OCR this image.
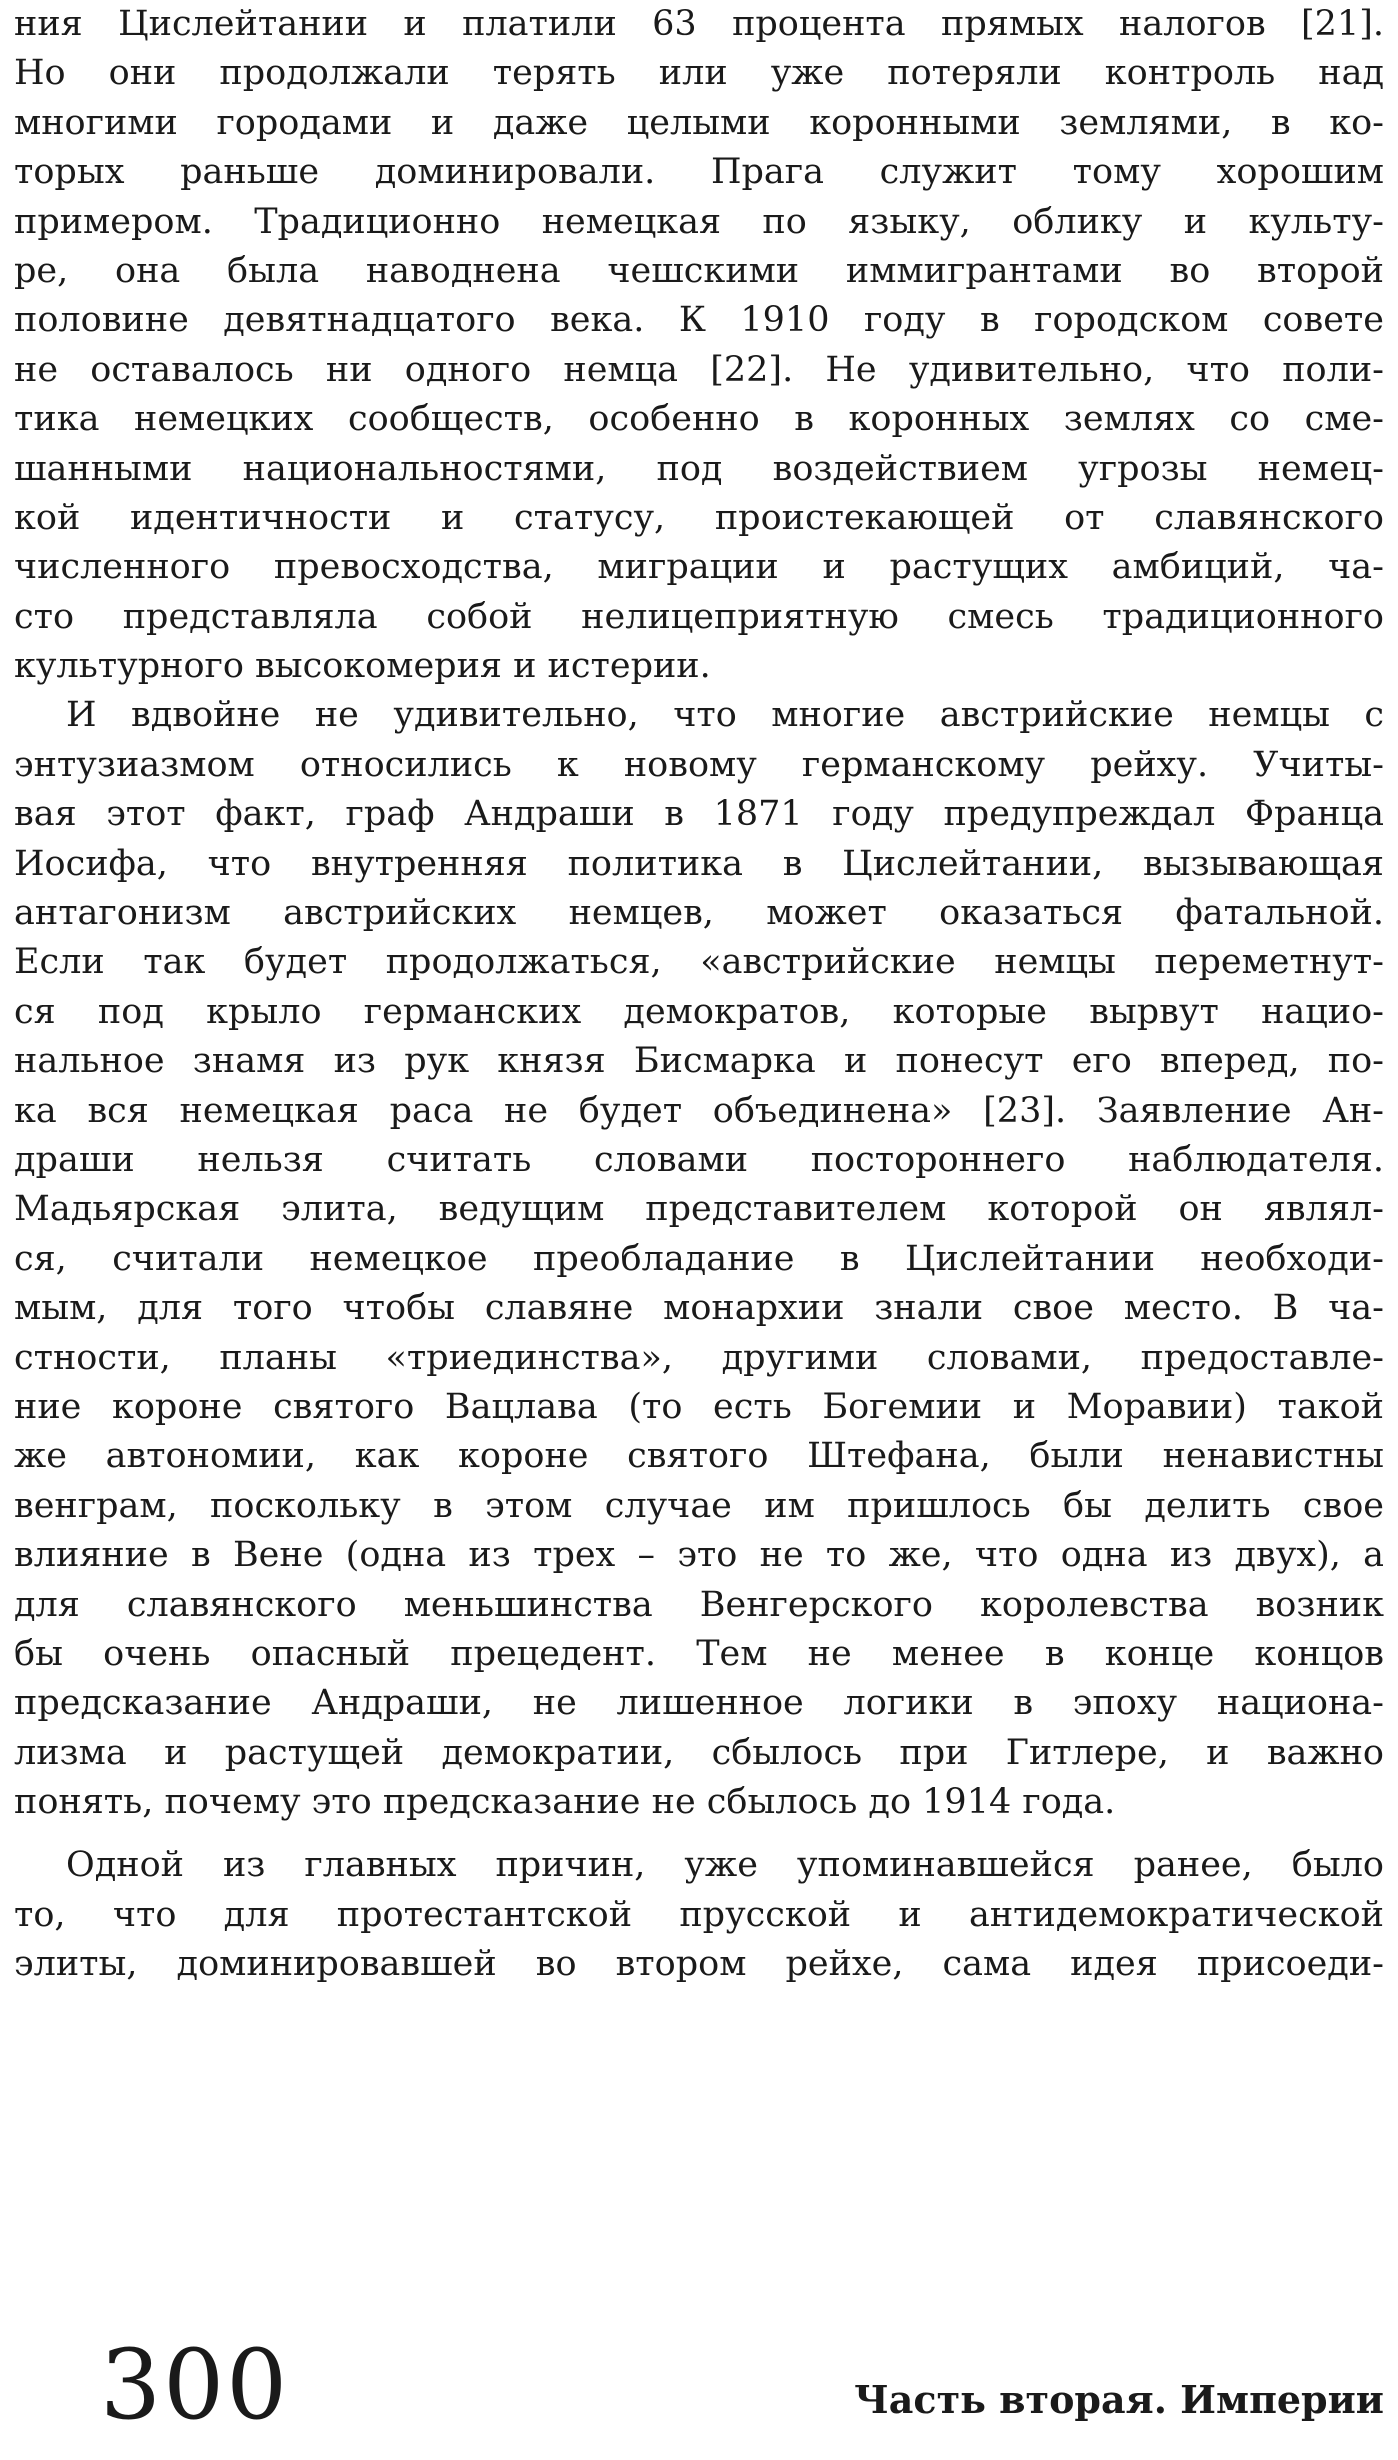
ния Цислейтании и платили 63 процента прямых налогов [21].
Но они продолжали терять или уже потеряли контроль над
многими городами и даже целыми коронными землями, в ко-
торых раньше доминировали. Прага служит тому хорошим
примером. Традиционно немецкая по языку, облику и культу-
ре, она была наводнена чешскими иммигрантами во второй
половине девятнадцатого века. К 1910 году в городском совете
не оставалось ни одного немца [22]. Не удивительно, что поли-
тика немецких сообществ, особенно в коронных землях со сме-
шанными национальностями, под воздействием угрозы немец-
кой идентичности и статусу, проистекающей от славянского
численного превосходства, миграции и растущих амбиций, ча-
сто представляла собой нелицеприятную смесь традиционного
культурного высокомерия и истерии.
И вдвойне не удивительно, что многие австрийские немцы с
энтузиазмом относились к новому германскому рейху. Учиты-
вая этот факт, граф Андраши в 1871 году предупреждал Франца
Иосифа, что внутренняя политика в Цислейтании, вызывающая
антагонизм австрийских немцев, может оказаться фатальной.
Если так будет продолжаться, «австрийские немцы переметнут-
ся под крыло германских демократов, которые вырвут нацио-
нальное знамя из рук князя Бисмарка и понесут его вперед, по-
ка вся немецкая раса не будет объединена» [23]. Заявление Ан-
драши нельзя считать словами постороннего наблюдателя.
Мадьярская элита, ведущим представителем которой он являл-
ся, считали немецкое преобладание в Цислейтании необходи-
мым, для того чтобы славяне монархии знали свое место. В ча-
стности, планы «триединства», другими словами, предоставле-
ние короне святого Вацлава (то есть Богемии и Моравии) такой
же автономии, как короне святого Штефана, были ненавистны
венграм, поскольку в этом случае им пришлось бы делить свое
влияние в Вене (одна из трех – это не то же, что одна из двух), а
для славянского меньшинства Венгерского королевства возник
бы очень опасный прецедент. Тем не менее в конце концов
предсказание Андраши, не лишенное логики в эпоху национа-
лизма и растущей демократии, сбылось при Гитлере, и важно
понять, почему это предсказание не сбылось до 1914 года.
Одной из главных причин, уже упоминавшейся ранее, было
то, что для протестантской прусской и антидемократической
элиты, доминировавшей во втором рейхе, сама идея присоеди-
300	Часть вторая. Империи
